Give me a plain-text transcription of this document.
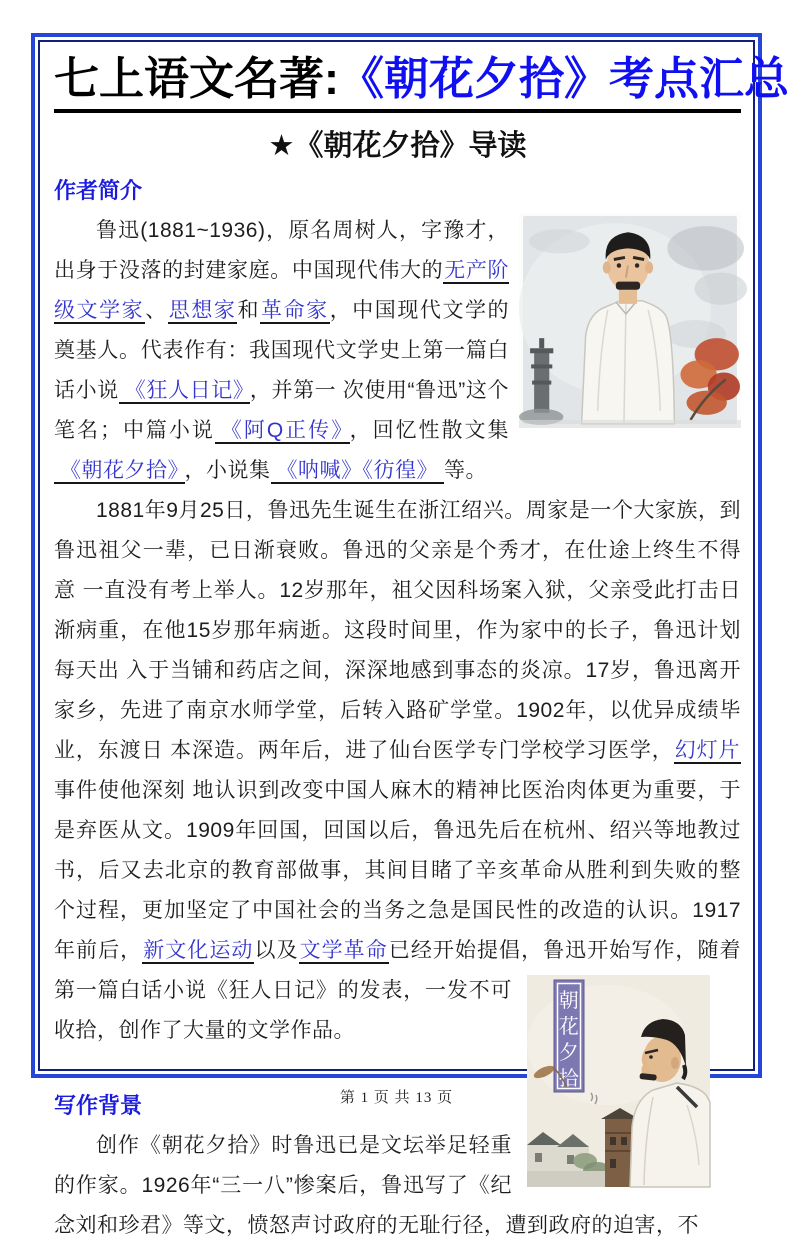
七上语文名著:《朝花夕拾》考点汇总
★《朝花夕拾》导读
作者简介

鲁迅(1881~1936)，原名周树人，字豫才，出身于没落的封建家庭。中国现代伟大的无产阶级文学家、思想家和革命家，中国现代文学的奠基人。代表作有：我国现代文学史上第一篇白话小说 《狂人日记》 ，并第一 次使用“鲁迅”这个笔名；中篇小说 《阿Q正传》 ，回忆性散文集《朝花夕拾》 ，小说集 《呐喊》《彷徨》 等。

1881年9月25日，鲁迅先生诞生在浙江绍兴。周家是一个大家族，到 鲁迅祖父一辈，已日渐衰败。鲁迅的父亲是个秀才，在仕途上终生不得意 一直没有考上举人。12岁那年，祖父因科场案入狱，父亲受此打击日渐病重，在他15岁那年病逝。这段时间里，作为家中的长子，鲁迅计划每天出 入于当铺和药店之间，深深地感到事态的炎凉。17岁，鲁迅离开家乡，先进了南京水师学堂，后转入路矿学堂。1902年，以优异成绩毕业，东渡日 本深造。两年后，进了仙台医学专门学校学习医学，幻灯片事件使他深刻 地认识到改变中国人麻木的精神比医治肉体更为重要，于是弃医从文。1909年回国，回国以后，鲁迅先后在杭州、绍兴等地教过书，后又去北京的教育部做事，其间目睹了辛亥革命从胜利到失败的整个过程，更加坚定了中国社会的当务之急是国民性的改造的认识。1917年前后，新文化运动以及文学革命已经开始提倡，鲁迅开始写作，随着第一篇白话小说《狂人	朝
花
夕
拾
日记》的发表，一发不可收拾，创作了大量的文学作品。

写作背景

创作《朝花夕拾》时鲁迅已是文坛举足轻重的作家。1926年“三一八”惨案后，鲁迅写了《纪念刘和珍君》等文，愤怒声讨政府的无耻行径，遭到政府的迫害，不

第 1 页 共 13 页
